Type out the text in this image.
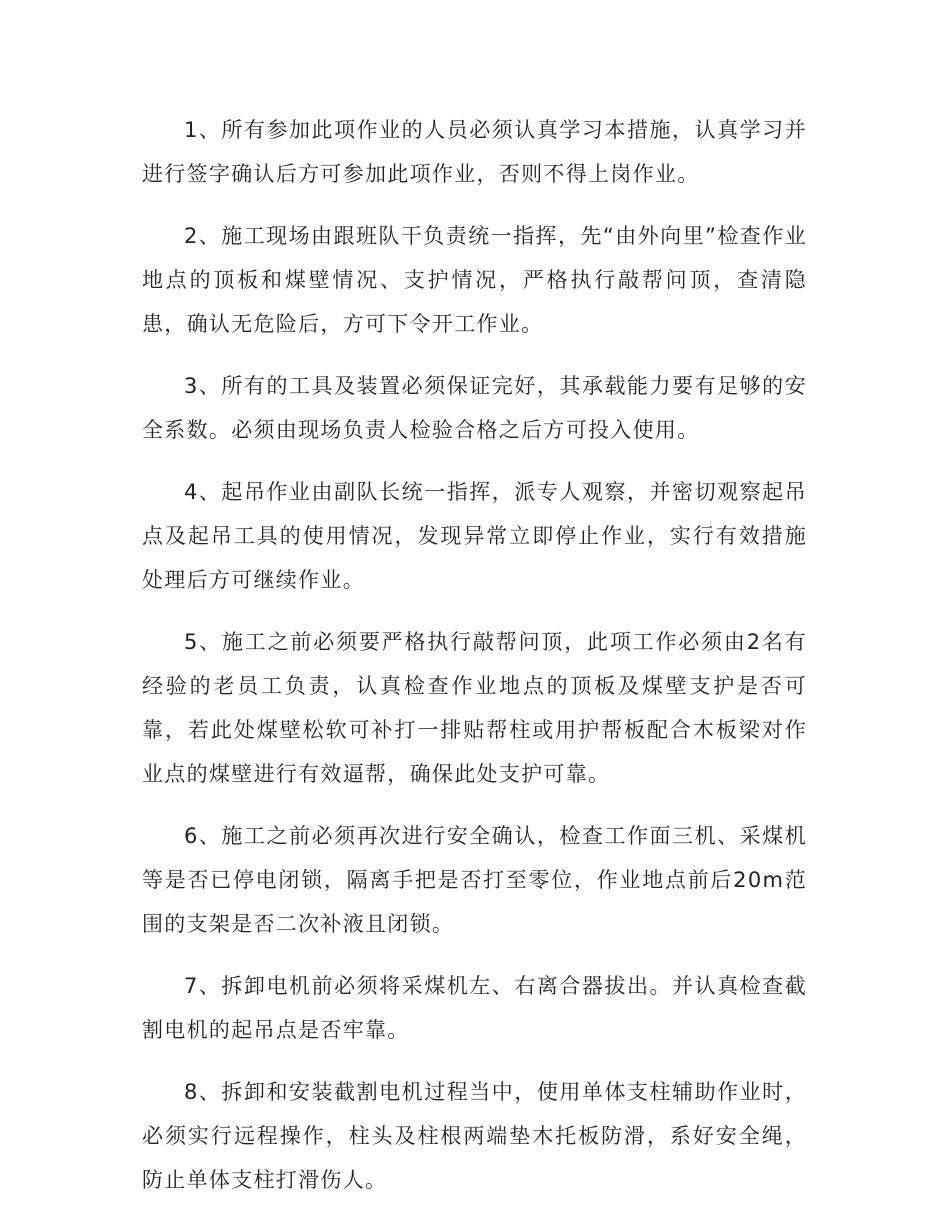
1、所有参加此项作业的人员必须认真学习本措施，认真学习并进行签字确认后方可参加此项作业，否则不得上岗作业。

2、施工现场由跟班队干负责统一指挥，先“由外向里”检查作业地点的顶板和煤壁情况、支护情况，严格执行敲帮问顶，查清隐患，确认无危险后，方可下令开工作业。

3、所有的工具及装置必须保证完好，其承载能力要有足够的安全系数。必须由现场负责人检验合格之后方可投入使用。

4、起吊作业由副队长统一指挥，派专人观察，并密切观察起吊点及起吊工具的使用情况，发现异常立即停止作业，实行有效措施处理后方可继续作业。

5、施工之前必须要严格执行敲帮问顶，此项工作必须由2名有经验的老员工负责，认真检查作业地点的顶板及煤壁支护是否可靠，若此处煤壁松软可补打一排贴帮柱或用护帮板配合木板梁对作业点的煤壁进行有效逼帮，确保此处支护可靠。

6、施工之前必须再次进行安全确认，检查工作面三机、采煤机等是否已停电闭锁，隔离手把是否打至零位，作业地点前后20m范围的支架是否二次补液且闭锁。

7、拆卸电机前必须将采煤机左、右离合器拔出。并认真检查截割电机的起吊点是否牢靠。

8、拆卸和安装截割电机过程当中，使用单体支柱辅助作业时，必须实行远程操作，柱头及柱根两端垫木托板防滑，系好安全绳，防止单体支柱打滑伤人。
